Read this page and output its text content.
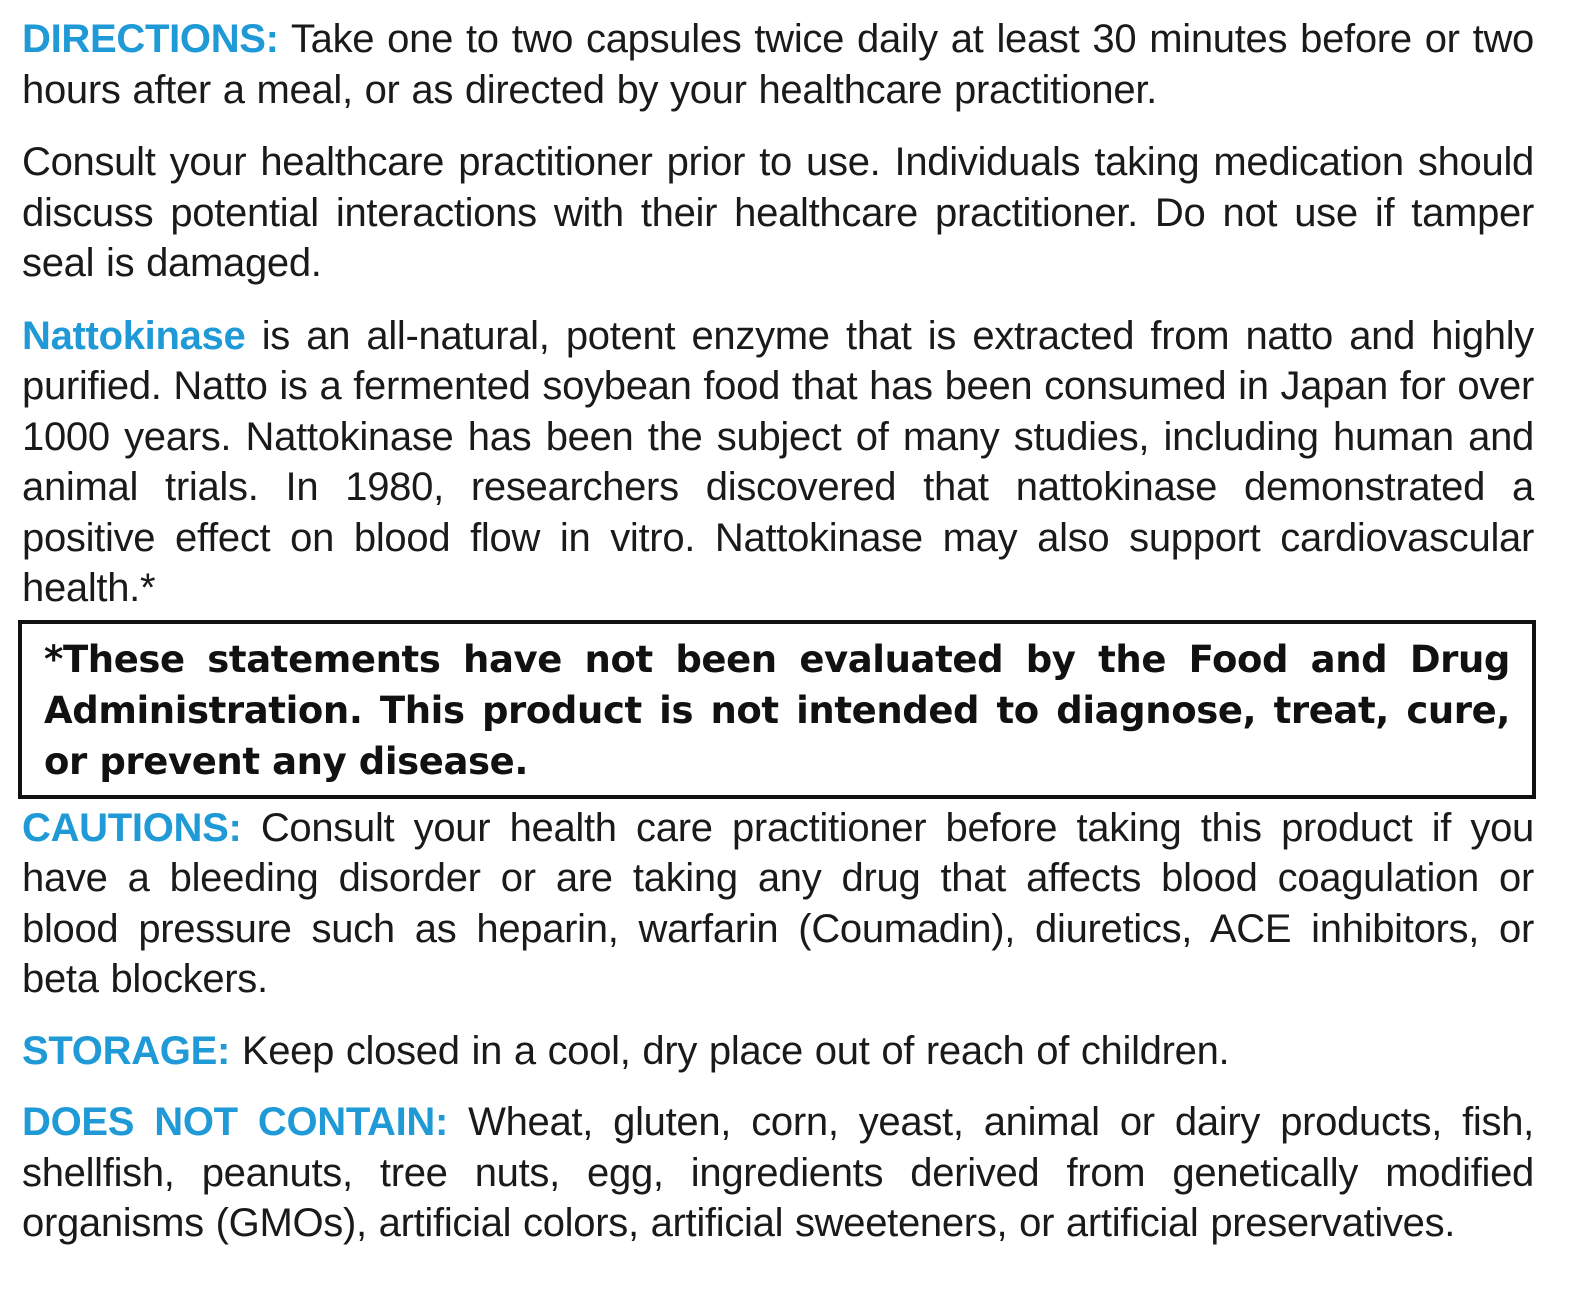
DIRECTIONS: Take one to two capsules twice daily at least 30 minutes before or two hours after a meal, or as directed by your healthcare practitioner.

Consult your healthcare practitioner prior to use. Individuals taking medication should discuss potential interactions with their healthcare practitioner. Do not use if tamper seal is damaged.

Nattokinase is an all-natural, potent enzyme that is extracted from natto and highly purified. Natto is a fermented soybean food that has been consumed in Japan for over 1000 years. Nattokinase has been the subject of many studies, including human and animal trials. In 1980, researchers discovered that nattokinase demonstrated a positive effect on blood flow in vitro. Nattokinase may also support cardiovascular health.*

*These statements have not been evaluated by the Food and Drug Administration. This product is not intended to diagnose, treat, cure, or prevent any disease.

CAUTIONS: Consult your health care practitioner before taking this product if you have a bleeding disorder or are taking any drug that affects blood coagulation or blood pressure such as heparin, warfarin (Coumadin), diuretics, ACE inhibitors, or beta blockers.

STORAGE: Keep closed in a cool, dry place out of reach of children.

DOES NOT CONTAIN: Wheat, gluten, corn, yeast, animal or dairy products, fish, shellfish, peanuts, tree nuts, egg, ingredients derived from genetically modified organisms (GMOs), artificial colors, artificial sweeteners, or artificial preservatives.
